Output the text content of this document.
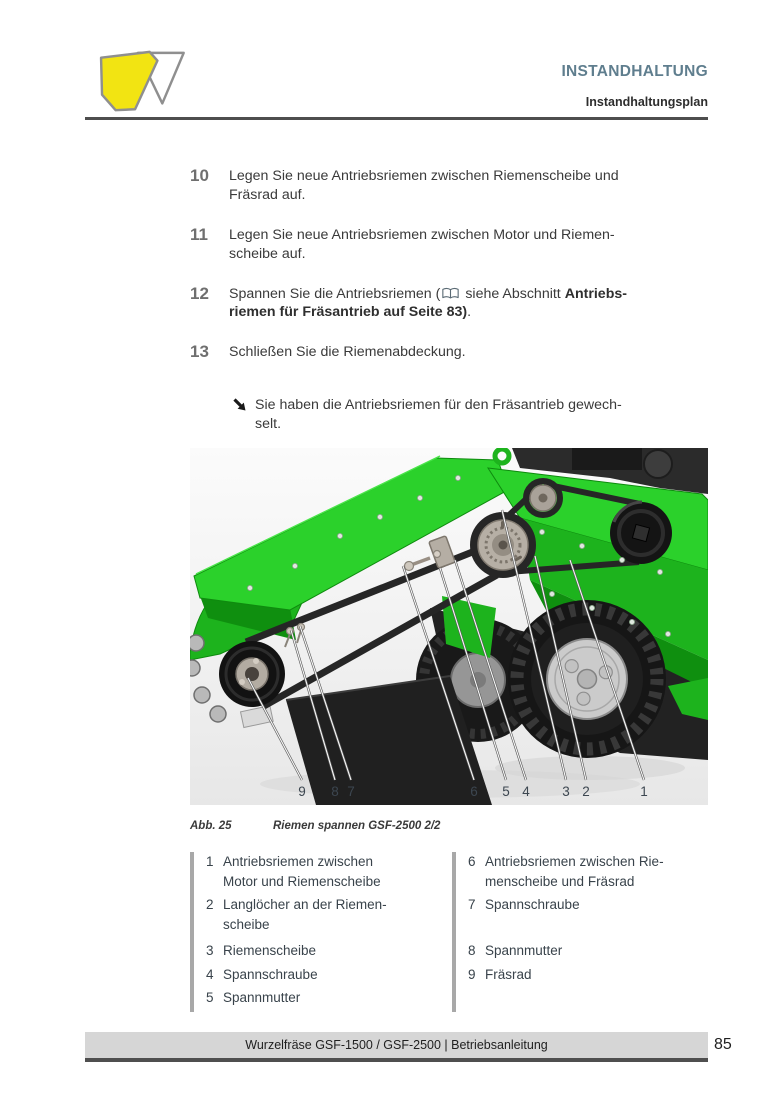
INSTANDHALTUNG
Instandhaltungsplan
10	Legen Sie neue Antriebsriemen zwischen Riemenscheibe und
Fräsrad auf.
11	Legen Sie neue Antriebsriemen zwischen Motor und Riemen-
scheibe auf.
12	Spannen Sie die Antriebsriemen ( siehe Abschnitt Antriebs-
riemen für Fräsantrieb auf Seite 83).
13	Schließen Sie die Riemenabdeckung.
Sie haben die Antriebsriemen für den Fräsantrieb gewech-
selt.
9 8 7	6 5 4 3 2	1
Abb. 25	Riemen spannen GSF-2500 2/2
1 Antriebsriemen zwischen
Motor und Riemenscheibe
2 Langlöcher an der Riemen-
scheibe
3 Riemenscheibe
4 Spannschraube
5 Spannmutter
6 Antriebsriemen zwischen Rie-
menscheibe und Fräsrad
7 Spannschraube
8 Spannmutter
9 Fräsrad
Wurzelfräse GSF-1500 / GSF-2500 | Betriebsanleitung	85
